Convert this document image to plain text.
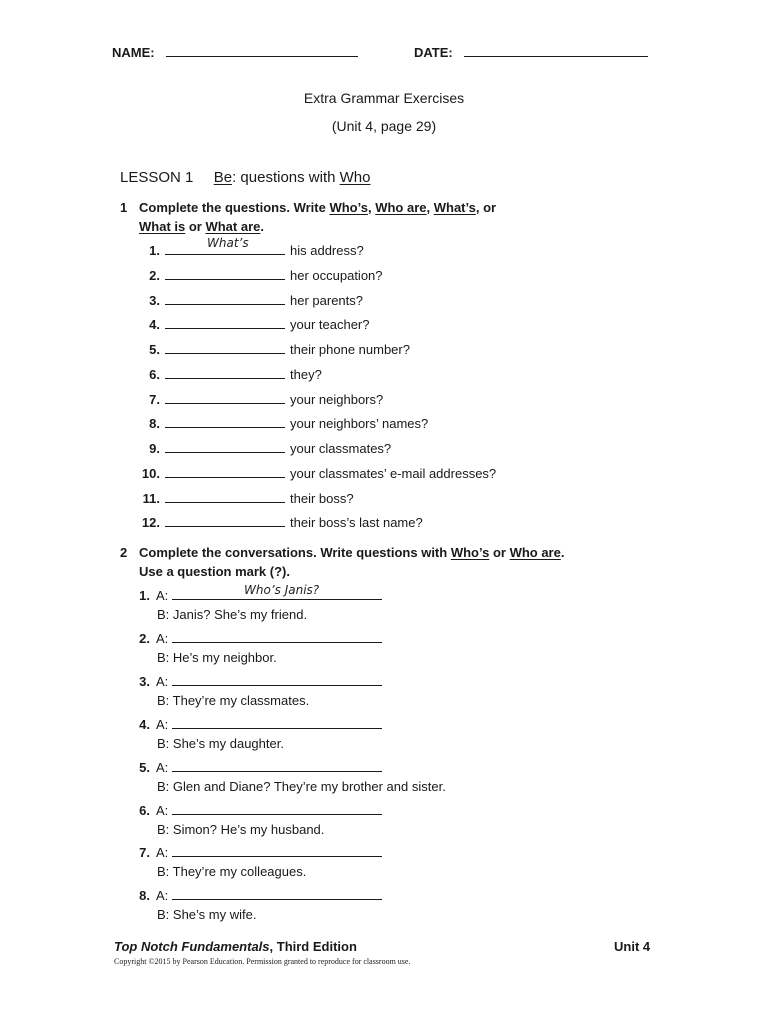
NAME:	DATE:
Extra Grammar Exercises
(Unit 4, page 29)
LESSON 1 Be: questions with Who
1 Complete the questions. Write Who’s, Who are, What’s, or
What is or What are.
What’s
1.	his address?
2.	her occupation?
3.	her parents?
4.	your teacher?
5.	their phone number?
6.	they?
7.	your neighbors?
8.	your neighbors’ names?
9.	your classmates?
10.	your classmates’ e-mail addresses?
11.	their boss?
12.	their boss’s last name?
2 Complete the conversations. Write questions with Who’s or Who are.
Use a question mark (?).
Who’s Janis?
1. A:
B: Janis? She’s my friend.
2. A:
B: He’s my neighbor.
3. A:
B: They’re my classmates.
4. A:
B: She’s my daughter.
5. A:
B: Glen and Diane? They’re my brother and sister.
6. A:
B: Simon? He’s my husband.
7. A:
B: They’re my colleagues.
8. A:
B: She’s my wife.
Top Notch Fundamentals, Third Edition	Unit 4
Copyright ©2015 by Pearson Education. Permission granted to reproduce for classroom use.
